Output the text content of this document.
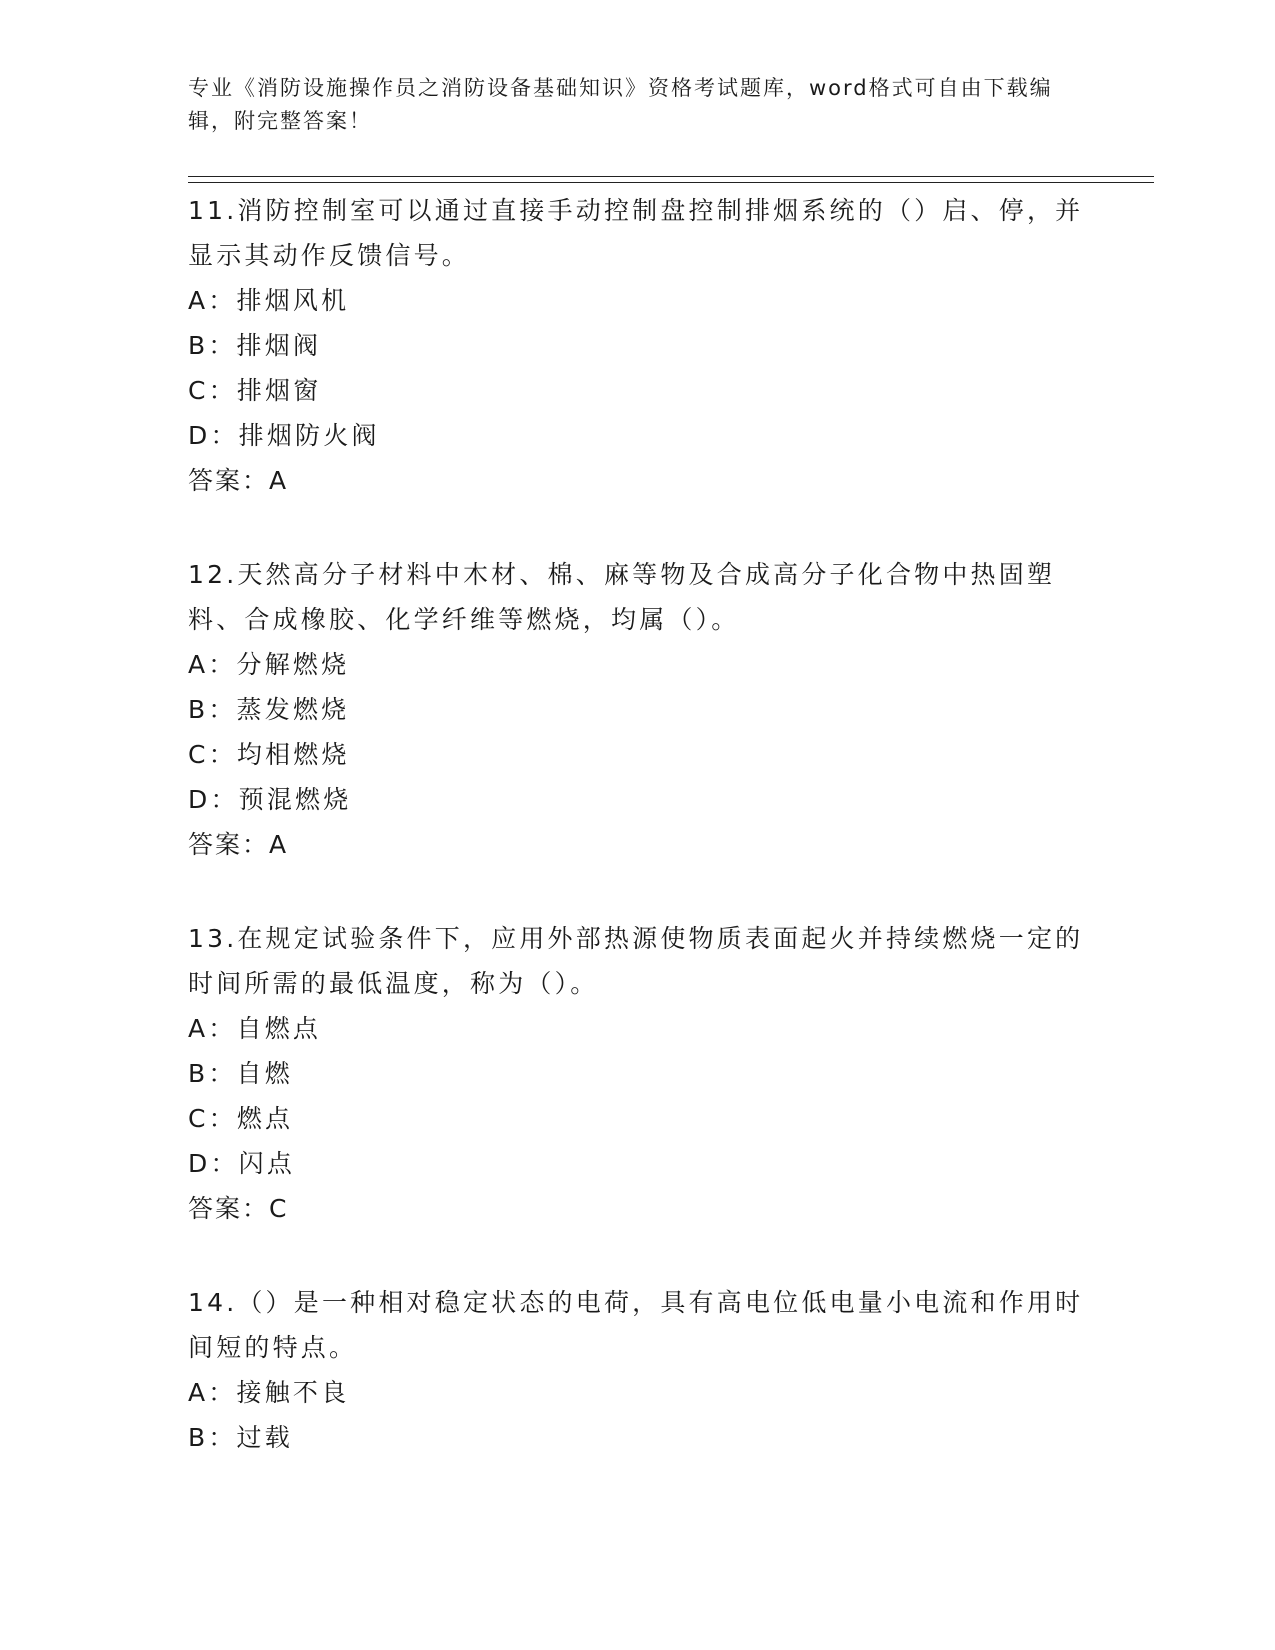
专业《消防设施操作员之消防设备基础知识》资格考试题库，word格式可自由下载编辑，附完整答案！

11.消防控制室可以通过直接手动控制盘控制排烟系统的（）启、停，并显示其动作反馈信号。

A：排烟风机

B：排烟阀

C：排烟窗

D：排烟防火阀

答案：A

12.天然高分子材料中木材、棉、麻等物及合成高分子化合物中热固塑料、合成橡胶、化学纤维等燃烧，均属（）。

A：分解燃烧

B：蒸发燃烧

C：均相燃烧

D：预混燃烧

答案：A

13.在规定试验条件下，应用外部热源使物质表面起火并持续燃烧一定的时间所需的最低温度，称为（）。

A：自燃点

B：自燃

C：燃点

D：闪点

答案：C

14.（）是一种相对稳定状态的电荷，具有高电位低电量小电流和作用时间短的特点。

A：接触不良

B：过载
